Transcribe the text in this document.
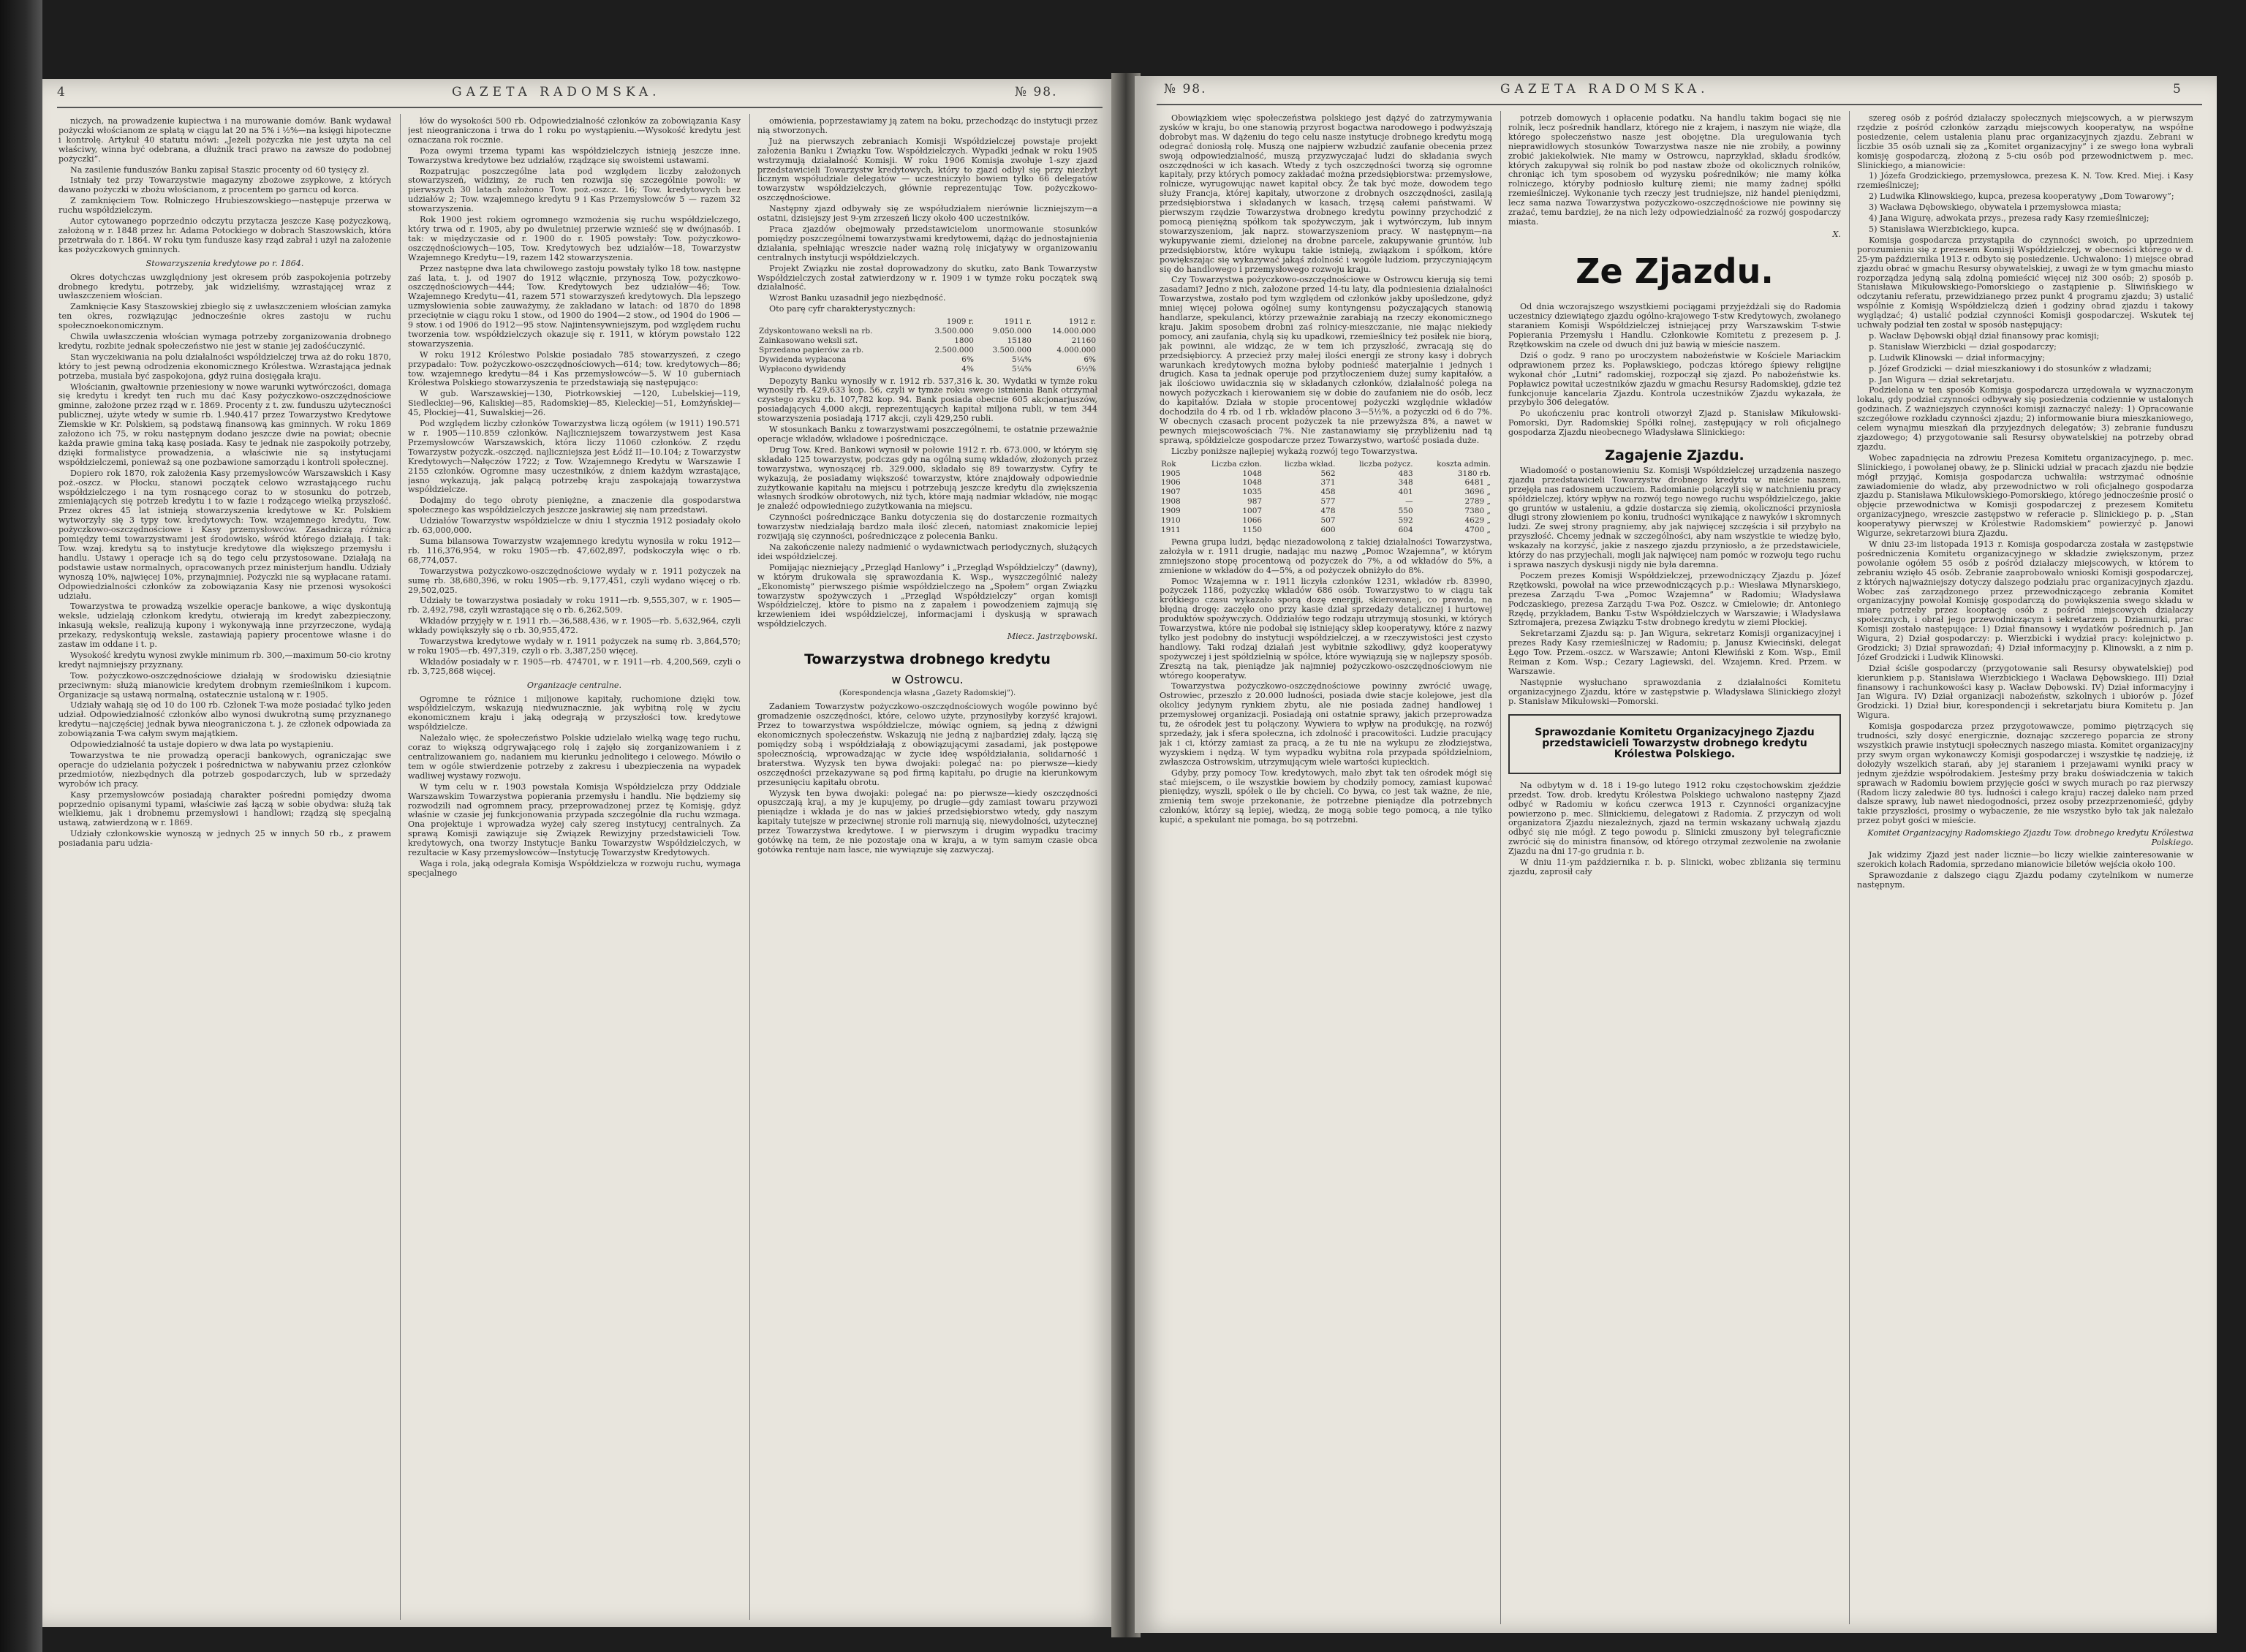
4	GAZETA RADOMSKA.	№ 98.

niczych, na prowadzenie kupiectwa i na murowanie domów. Bank wydawał pożyczki włościanom ze spłatą w ciągu lat 20 na 5% i ½%—na księgi hipoteczne i kontrolę. Artykuł 40 statutu mówi: „Jeżeli pożyczka nie jest użyta na cel właściwy, winna być odebrana, a dłużnik traci prawo na zawsze do podobnej pożyczki”.

Na zasilenie funduszów Banku zapisał Staszic procenty od 60 tysięcy zł.

Istniały też przy Towarzystwie magazyny zbożowe zsypkowe, z których dawano pożyczki w zbożu włościanom, z procentem po garncu od korca.

Z zamknięciem Tow. Rolniczego Hrubieszowskiego—następuje przerwa w ruchu współdzielczym.

Autor cytowanego poprzednio odczytu przytacza jeszcze Kasę pożyczkową, założoną w r. 1848 przez hr. Adama Potockiego w dobrach Staszowskich, która przetrwała do r. 1864. W roku tym fundusze kasy rząd zabrał i użył na założenie kas pożyczkowych gminnych.

Stowarzyszenia kredytowe po r. 1864.

Okres dotychczas uwzględniony jest okresem prób zaspokojenia potrzeby drobnego kredytu, potrzeby, jak widzieliśmy, wzrastającej wraz z uwłaszczeniem włościan.

Zamknięcie Kasy Staszowskiej zbiegło się z uwłaszczeniem włościan zamyka ten okres, rozwiązując jednocześnie okres zastoju w ruchu społecznoekonomicznym.

Chwila uwłaszczenia włościan wymaga potrzeby zorganizowania drobnego kredytu, rozbite jednak społeczeństwo nie jest w stanie jej zadośćuczynić.

Stan wyczekiwania na polu działalności współdzielczej trwa aż do roku 1870, który to jest pewną odrodzenia ekonomicznego Królestwa. Wzrastająca jednak potrzeba, musiała być zaspokojona, gdyż ruina dosięgała kraju.

Włościanin, gwałtownie przeniesiony w nowe warunki wytwórczości, domaga się kredytu i kredyt ten ruch mu dać Kasy pożyczkowo-oszczędnościowe gminne, założone przez rząd w r. 1869. Procenty z t. zw. funduszu użyteczności publicznej, użyte wtedy w sumie rb. 1.940.417 przez Towarzystwo Kredytowe Ziemskie w Kr. Polskiem, są podstawą finansową kas gminnych. W roku 1869 założono ich 75, w roku następnym dodano jeszcze dwie na powiat; obecnie każda prawie gmina taką kasę posiada. Kasy te jednak nie zaspokoiły potrzeby, dzięki formalistyce prowadzenia, a właściwie nie są instytucjami współdzielczemi, ponieważ są one pozbawione samorządu i kontroli społecznej.

Dopiero rok 1870, rok założenia Kasy przemysłowców Warszawskich i Kasy poż.-oszcz. w Płocku, stanowi początek celowo wzrastającego ruchu współdzielczego i na tym rosnącego coraz to w stosunku do potrzeb, zmieniających się potrzeb kredytu i to w fazie i rodzącego wielką przyszłość. Przez okres 45 lat istnieją stowarzyszenia kredytowe w Kr. Polskiem wytworzyły się 3 typy tow. kredytowych: Tow. wzajemnego kredytu, Tow. pożyczkowo-oszczędnościowe i Kasy przemysłowców. Zasadniczą różnicą pomiędzy temi towarzystwami jest środowisko, wśród którego działają. I tak: Tow. wzaj. kredytu są to instytucje kredytowe dla większego przemysłu i handlu. Ustawy i operacje ich są do tego celu przystosowane. Działają na podstawie ustaw normalnych, opracowanych przez ministerjum handlu. Udziały wynoszą 10%, najwięcej 10%, przynajmniej. Pożyczki nie są wypłacane ratami. Odpowiedzialności członków za zobowiązania Kasy nie przenosi wysokości udziału.

Towarzystwa te prowadzą wszelkie operacje bankowe, a więc dyskontują weksle, udzielają członkom kredytu, otwierają im kredyt zabezpieczony, inkasują weksle, realizują kupony i wykonywają inne przyrzeczone, wydają przekazy, redyskontują weksle, zastawiają papiery procentowe własne i do zastaw im oddane i t. p.

Wysokość kredytu wynosi zwykle minimum rb. 300,—maximum 50-cio krotny kredyt najmniejszy przyznany.

Tow. pożyczkowo-oszczędnościowe działają w środowisku dziesiątnie przeciwnym: służą mianowicie kredytem drobnym rzemieślnikom i kupcom. Organizacje są ustawą normalną, ostatecznie ustaloną w r. 1905.

Udziały wahają się od 10 do 100 rb. Członek T-wa może posiadać tylko jeden udział. Odpowiedzialność członków albo wynosi dwukrotną sumę przyznanego kredytu—najczęściej jednak bywa nieograniczona t. j. że członek odpowiada za zobowiązania T-wa całym swym majątkiem.

Odpowiedzialność ta ustaje dopiero w dwa lata po wystąpieniu.

Towarzystwa te nie prowadzą operacji bankowych, ograniczając swe operacje do udzielania pożyczek i pośrednictwa w nabywaniu przez członków przedmiotów, niezbędnych dla potrzeb gospodarczych, lub w sprzedaży wyrobów ich pracy.

Kasy przemysłowców posiadają charakter pośredni pomiędzy dwoma poprzednio opisanymi typami, właściwie zaś łączą w sobie obydwa: służą tak wielkiemu, jak i drobnemu przemysłowi i handlowi; rządzą się specjalną ustawą, zatwierdzoną w r. 1869.

Udziały członkowskie wynoszą w jednych 25 w innych 50 rb., z prawem posiadania paru udzia-

łów do wysokości 500 rb. Odpowiedzialność członków za zobowiązania Kasy jest nieograniczona i trwa do 1 roku po wystąpieniu.—Wysokość kredytu jest oznaczana rok rocznie.

Poza owymi trzema typami kas współdzielczych istnieją jeszcze inne. Towarzystwa kredytowe bez udziałów, rządzące się swoistemi ustawami.

Rozpatrując poszczególne lata pod względem liczby założonych stowarzyszeń, widzimy, że ruch ten rozwija się szczególnie powoli: w pierwszych 30 latach założono Tow. poż.-oszcz. 16; Tow. kredytowych bez udziałów 2; Tow. wzajemnego kredytu 9 i Kas Przemysłowców 5 — razem 32 stowarzyszenia.

Rok 1900 jest rokiem ogromnego wzmożenia się ruchu współdzielczego, który trwa od r. 1905, aby po dwuletniej przerwie wznieść się w dwójnasób. I tak: w międzyczasie od r. 1900 do r. 1905 powstały: Tow. pożyczkowo-oszczędnościowych—105, Tow. Kredytowych bez udziałów—18, Towarzystw Wzajemnego Kredytu—19, razem 142 stowarzyszenia.

Przez następne dwa lata chwilowego zastoju powstały tylko 18 tow. następne zaś lata, t. j. od 1907 do 1912 włącznie, przynoszą Tow. pożyczkowo-oszczędnościowych—444; Tow. Kredytowych bez udziałów—46; Tow. Wzajemnego Kredytu—41, razem 571 stowarzyszeń kredytowych. Dla lepszego uzmysłowienia sobie zauważymy, że zakładano w latach: od 1870 do 1898 przeciętnie w ciągu roku 1 stow., od 1900 do 1904—2 stow., od 1904 do 1906 —9 stow. i od 1906 do 1912—95 stow. Najintensywniejszym, pod względem ruchu tworzenia tow. współdzielczych okazuje się r. 1911, w którym powstało 122 stowarzyszenia.

W roku 1912 Królestwo Polskie posiadało 785 stowarzyszeń, z czego przypadało: Tow. pożyczkowo-oszczędnościowych—614; tow. kredytowych—86; tow. wzajemnego kredytu—84 i Kas przemysłowców—5. W 10 guberniach Królestwa Polskiego stowarzyszenia te przedstawiają się następująco:

W gub. Warszawskiej—130, Piotrkowskiej —120, Lubelskiej—119, Siedleckiej—96, Kaliskiej—85, Radomskiej—85, Kieleckiej—51, Łomżyńskiej—45, Płockiej—41, Suwalskiej—26.

Pod względem liczby członków Towarzystwa liczą ogółem (w 1911) 190.571 w r. 1905—110.859 członków. Najliczniejszem towarzystwem jest Kasa Przemysłowców Warszawskich, która liczy 11060 członków. Z rzędu Towarzystw pożyczk.-oszczęd. najliczniejsza jest Łódź II—10.104; z Towarzystw Kredytowych—Nałęczów 1722; z Tow. Wzajemnego Kredytu w Warszawie I 2155 członków. Ogromne masy uczestników, z dniem każdym wzrastające, jasno wykazują, jak palącą potrzebę kraju zaspokajają towarzystwa współdzielcze.

Dodajmy do tego obroty pieniężne, a znaczenie dla gospodarstwa społecznego kas współdzielczych jeszcze jaskrawiej się nam przedstawi.

Udziałów Towarzystw współdzielcze w dniu 1 stycznia 1912 posiadały około rb. 63,000,000.

Suma bilansowa Towarzystw wzajemnego kredytu wynosiła w roku 1912—rb. 116,376,954, w roku 1905—rb. 47,602,897, podskoczyła więc o rb. 68,774,057.

Towarzystwa pożyczkowo-oszczędnościowe wydały w r. 1911 pożyczek na sumę rb. 38,680,396, w roku 1905—rb. 9,177,451, czyli wydano więcej o rb. 29,502,025.

Udziały te towarzystwa posiadały w roku 1911—rb. 9,555,307, w r. 1905—rb. 2,492,798, czyli wzrastające się o rb. 6,262,509.

Wkładów przyjęły w r. 1911 rb.—36,588,436, w r. 1905—rb. 5,632,964, czyli wkłady powiększyły się o rb. 30,955,472.

Towarzystwa kredytowe wydały w r. 1911 pożyczek na sumę rb. 3,864,570; w roku 1905—rb. 497,319, czyli o rb. 3,387,250 więcej.

Wkładów posiadały w r. 1905—rb. 474701, w r. 1911—rb. 4,200,569, czyli o rb. 3,725,868 więcej.

Organizacje centralne.

Ogromne te różnice i miljonowe kapitały, ruchomione dzięki tow. współdzielczym, wskazują niedwuznacznie, jak wybitną rolę w życiu ekonomicznem kraju i jaką odegrają w przyszłości tow. kredytowe współdzielcze.

Należało więc, że społeczeństwo Polskie udzielało wielką wagę tego ruchu, coraz to większą odgrywającego rolę i zajęło się zorganizowaniem i z centralizowaniem go, nadaniem mu kierunku jednolitego i celowego. Mówiło o tem w ogóle stwierdzenie potrzeby z zakresu i ubezpieczenia na wypadek wadliwej wystawy rozwoju.

W tym celu w r. 1903 powstała Komisja Współdzielcza przy Oddziale Warszawskim Towarzystwa popierania przemysłu i handlu. Nie będziemy się rozwodzili nad ogromnem pracy, przeprowadzonej przez tę Komisję, gdyż właśnie w czasie jej funkcjonowania przypada szczególnie dla ruchu wzmaga. Ona projektuje i wprowadza wyżej cały szereg instytucyj centralnych. Za sprawą Komisji zawiązuje się Związek Rewizyjny przedstawicieli Tow. kredytowych, ona tworzy Instytucje Banku Towarzystw Współdzielczych, w rezultacie w Kasy przemysłowców—Instytucję Towarzystw Kredytowych.

Waga i rola, jaką odegrała Komisja Współdzielcza w rozwoju ruchu, wymaga specjalnego

omówienia, poprzestawiamy ją zatem na boku, przechodząc do instytucji przez nią stworzonych.

Już na pierwszych zebraniach Komisji Współdzielczej powstaje projekt założenia Banku i Związku Tow. Współdzielczych. Wypadki jednak w roku 1905 wstrzymują działalność Komisji. W roku 1906 Komisja zwołuje 1-szy zjazd przedstawicieli Towarzystw kredytowych, który to zjazd odbył się przy niezbyt licznym współudziale delegatów — uczestniczyło bowiem tylko 66 delegatów towarzystw współdzielczych, głównie reprezentując Tow. pożyczkowo-oszczędnościowe.

Następny zjazd odbywały się ze współudziałem nierównie liczniejszym—a ostatni, dzisiejszy jest 9-ym zrzeszeń liczy około 400 uczestników.

Praca zjazdów obejmowały przedstawicielom unormowanie stosunków pomiędzy poszczególnemi towarzystwami kredytowemi, dążąc do jednostajnienia działania, spełniając wreszcie nader ważną rolę inicjatywy w organizowaniu centralnych instytucji współdzielczych.

Projekt Związku nie został doprowadzony do skutku, zato Bank Towarzystw Współdzielczych został zatwierdzony w r. 1909 i w tymże roku początek swą działalność.

Wzrost Banku uzasadnił jego niezbędność.

Oto parę cyfr charakterystycznych:

	1909 r.	1911 r.	1912 r.
Zdyskontowano weksli na rb.	3.500.000	9.050.000	14.000.000
Zainkasowano weksli szt.	1800	15180	21160
Sprzedano papierów za rb.	2.500.000	3.500.000	4.000.000
Dywidenda wypłacona	6%	5¼%	6%
Wypłacono dywidendy	4%	5¼%	6½%

Depozyty Banku wynosiły w r. 1912 rb. 537,316 k. 30. Wydatki w tymże roku wynosiły rb. 429,633 kop. 56, czyli w tymże roku swego istnienia Bank otrzymał czystego zysku rb. 107,782 kop. 94. Bank posiada obecnie 605 akcjonarjuszów, posiadających 4,000 akcji, reprezentujących kapitał miljona rubli, w tem 344 stowarzyszenia posiadają 1717 akcji, czyli 429,250 rubli.

W stosunkach Banku z towarzystwami poszczególnemi, te ostatnie przeważnie operacje wkładów, wkładowe i pośredniczące.

Drug Tow. Kred. Bankowi wynosił w połowie 1912 r. rb. 673.000, w którym się składało 125 towarzystw, podczas gdy na ogólną sumę wkładów, złożonych przez towarzystwa, wynoszącej rb. 329.000, składało się 89 towarzystw. Cyfry te wykazują, że posiadamy większość towarzystw, które znajdowały odpowiednie zużytkowanie kapitału na miejscu i potrzebują jeszcze kredytu dla zwiększenia własnych środków obrotowych, niż tych, które mają nadmiar wkładów, nie mogąc je znaleźć odpowiedniego zużytkowania na miejscu.

Czynności pośredniczące Banku dotyczenia się do dostarczenie rozmaitych towarzystw niedziałają bardzo mała ilość zleceń, natomiast znakomicie lepiej rozwijają się czynności, pośredniczące z polecenia Banku.

Na zakończenie należy nadmienić o wydawnictwach periodycznych, służących idei współdzielczej.

Pomijając niezniejący „Przegląd Hanlowy” i „Przegląd Współdzielczy” (dawny), w którym drukowała się sprawozdania K. Wsp., wyszczególnić należy „Ekonomistę” pierwszego piśmie współdzielczego na „Społem” organ Związku towarzystw spożywczych i „Przegląd Współdzielczy” organ komisji Współdzielczej, które to pismo na z zapałem i powodzeniem zajmują się krzewieniem idei współdzielczej, informacjami i dyskusją w sprawach współdzielczych.

Miecz. Jastrzębowski.
Towarzystwa drobnego kredytu
w Ostrowcu.
(Korespondencja własna „Gazety Radomskiej”).

Zadaniem Towarzystw pożyczkowo-oszczędnościowych wogóle powinno być gromadzenie oszczędności, które, celowo użyte, przynosiłyby korzyść krajowi. Przez to towarzystwa współdzielcze, mówiąc ogniem, są jedną z dźwigni ekonomicznych społeczeństw. Wskazują nie jedną z najbardziej zdały, łączą się pomiędzy sobą i współdziałają z obowiązującymi zasadami, jak postępowe społecznością, wprowadzając w życie ideę współdziałania, solidarność i braterstwa. Wyzysk ten bywa dwojaki: polegać na: po pierwsze—kiedy oszczędności przekazywane są pod firmą kapitału, po drugie na kierunkowym przesunięciu kapitału obrotu.

Wyzysk ten bywa dwojaki: polegać na: po pierwsze—kiedy oszczędności opuszczają kraj, a my je kupujemy, po drugie—gdy zamiast towaru przywozi pieniądze i wkłada je do nas w jakieś przedsiębiorstwo wtedy, gdy naszym kapitały tutejsze w przeciwnej stronie roli marnują się, niewydolności, użytecznej przez Towarzystwa kredytowe. I w pierwszym i drugim wypadku tracimy gotówkę na tem, że nie pozostaje ona w kraju, a w tym samym czasie obca gotówka rentuje nam łasce, nie wywiązuje się zazwyczaj.

№ 98.	GAZETA RADOMSKA.	5

Obowiązkiem więc społeczeństwa polskiego jest dążyć do zatrzymywania zysków w kraju, bo one stanowią przyrost bogactwa narodowego i podwyższają dobrobyt mas. W dążeniu do tego celu nasze instytucje drobnego kredytu mogą odegrać doniosłą rolę. Muszą one najpierw wzbudzić zaufanie obecenia przez swoją odpowiedzialność, muszą przyzwyczajać ludzi do składania swych oszczędności w ich kasach. Wtedy z tych oszczędności tworzą się ogromne kapitały, przy których pomocy zakładać można przedsiębiorstwa: przemysłowe, rolnicze, wyrugowując nawet kapitał obcy. Że tak być może, dowodem tego służy Francja, której kapitały, utworzone z drobnych oszczędności, zasilają przedsiębiorstwa i składanych w kasach, trzęsą całemi państwami. W pierwszym rzędzie Towarzystwa drobnego kredytu powinny przychodzić z pomocą pieniężną spółkom tak spożywczym, jak i wytwórczym, lub innym stowarzyszeniom, jak naprz. stowarzyszeniom pracy. W następnym—na wykupywanie ziemi, dzielonej na drobne parcele, zakupywanie gruntów, lub przedsiębiorstw, które wykupu takie istnieją, związkom i spółkom, które powiększając się wykazywać jakąś zdolność i wogóle ludziom, przyczyniającym się do handlowego i przemysłowego rozwoju kraju.

Czy Towarzystwa pożyczkowo-oszczędnościowe w Ostrowcu kierują się temi zasadami? Jedno z nich, założone przed 14-tu laty, dla podniesienia działalności Towarzystwa, zostało pod tym względem od członków jakby upośledzone, gdyż mniej więcej połowa ogólnej sumy kontyngensu pożyczających stanowią handlarze, spekulanci, którzy przeważnie zarabiają na rzeczy ekonomicznego kraju. Jakim sposobem drobni zaś rolnicy-mieszczanie, nie mając niekiedy pomocy, ani zaufania, chylą się ku upadkowi, rzemieślnicy też posiłek nie biorą, jak powinni, ale widząc, że w tem ich przyszłość, zwracają się do przedsiębiorcy. A przecież przy małej ilości energji ze strony kasy i dobrych warunkach kredytowych można byłoby podnieść materjalnie i jednych i drugich. Kasa ta jednak operuje pod przytłoczeniem dużej sumy kapitałów, a jak ilościowo uwidacznia się w składanych członków, działalność polega na nowych pożyczkach i kierowaniem się w dobie do zaufaniem nie do osób, lecz do kapitałów. Działa w stopie procentowej pożyczki względnie wkładów dochodziła do 4 rb. od 1 rb. wkładów płacono 3—5½%, a pożyczki od 6 do 7%. W obecnych czasach procent pożyczek ta nie przewyższa 8%, a nawet w pewnych miejscowościach 7%. Nie zastanawiamy się przybliżeniu nad tą sprawą, spółdzielcze gospodarcze przez Towarzystwo, wartość posiada duże.

Liczby poniższe najlepiej wykażą rozwój tego Towarzystwa.

Rok	Liczba człon.	liczba wkład.	liczba pożycz.	koszta admin.
1905	1048	562	483	3180 rb.
1906	1048	371	348	6481 „
1907	1035	458	401	3696 „
1908	987	577	—	2789 „
1909	1007	478	550	7380 „
1910	1066	507	592	4629 „
1911	1150	600	604	4700 „

Pewna grupa ludzi, będąc niezadowoloną z takiej działalności Towarzystwa, założyła w r. 1911 drugie, nadając mu nazwę „Pomoc Wzajemna”, w którym zmniejszono stopę procentową od pożyczek do 7%, a od wkładów do 5%, a zmienione w wkładów do 4—5%, a od pożyczek obniżyło do 8%.

Pomoc Wzajemna w r. 1911 liczyła członków 1231, wkładów rb. 83990, pożyczek 1186, pożyczkę wkładów 686 osób. Towarzystwo to w ciągu tak krótkiego czasu wykazało sporą dozę energji, skierowanej, co prawda, na błędną drogę: zaczęło ono przy kasie dział sprzedaży detalicznej i hurtowej produktów spożywczych. Oddziałów tego rodzaju utrzymują stosunki, w których Towarzystwa, które nie podobał się istniejący sklep kooperatywy, które z nazwy tylko jest podobny do instytucji współdzielczej, a w rzeczywistości jest czysto handlowy. Taki rodzaj działań jest wybitnie szkodliwy, gdyż kooperatywy spożywczej i jest spółdzielnią w spółce, które wywiązują się w najlepszy sposób. Zresztą na tak, pieniądze jak najmniej pożyczkowo-oszczędnościowym nie wtórego kooperatyw.

Towarzystwa pożyczkowo-oszczędnościowe powinny zwrócić uwagę, Ostrowiec, przeszło z 20.000 ludności, posiada dwie stacje kolejowe, jest dla okolicy jedynym rynkiem zbytu, ale nie posiada żadnej handlowej i przemysłowej organizacji. Posiadają oni ostatnie sprawy, jakich przeprowadza tu, że ośrodek jest tu połączony. Wywiera to wpływ na produkcję, na rozwój sprzedaży, jak i sfera społeczna, ich zdolność i pracowitości. Ludzie pracujący jak i ci, którzy zamiast za pracą, a że tu nie na wykupu ze złodziejstwa, wyzyskiem i nędzą. W tym wypadku wybitna rola przypada spółdzielniom, zwłaszcza Ostrowskim, utrzymującym wiele wartości kupieckich.

Gdyby, przy pomocy Tow. kredytowych, mało zbyt tak ten ośrodek mógł się stać miejscem, o ile wszystkie bowiem by chodziły pomocy, zamiast kupować pieniędzy, wyszli, spółek o ile by chcieli. Co bywa, co jest tak ważne, że nie, zmienią tem swoje przekonanie, że potrzebne pieniądze dla potrzebnych członków, którzy są lepiej, wiedzą, że mogą sobie tego pomocą, a nie tylko kupić, a spekulant nie pomaga, bo są potrzebni.

potrzeb domowych i opłacenie podatku. Na handlu takim bogaci się nie rolnik, lecz pośrednik handlarz, którego nie z krajem, i naszym nie wiąże, dla którego społeczeństwo nasze jest obojętne. Dla uregulowania tych nieprawidłowych stosunków Towarzystwa nasze nie nie zrobiły, a powinny zrobić jakiekolwiek. Nie mamy w Ostrowcu, naprzykład, składu środków, których zakupywał się rolnik bo pod nastaw zboże od okolicznych rolników, chroniąc ich tym sposobem od wyzysku pośredników; nie mamy kółka rolniczego, któryby podniosło kulturę ziemi; nie mamy żadnej spółki rzemieślniczej. Wykonanie tych rzeczy jest trudniejsze, niż handel pieniędzmi, lecz sama nazwa Towarzystwa pożyczkowo-oszczędnościowe nie powinny się zrażać, temu bardziej, że na nich leży odpowiedzialność za rozwój gospodarczy miasta.

X.
Ze Zjazdu.

Od dnia wczorajszego wszystkiemi pociągami przyjeżdżali się do Radomia uczestnicy dziewiątego zjazdu ogólno-krajowego T-stw Kredytowych, zwołanego staraniem Komisji Współdzielczej istniejącej przy Warszawskim T-stwie Popierania Przemysłu i Handlu. Członkowie Komitetu z prezesem p. J. Rzętkowskim na czele od dwuch dni już bawią w mieście naszem.

Dziś o godz. 9 rano po uroczystem nabożeństwie w Kościele Mariackim odprawionem przez ks. Popławskiego, podczas którego śpiewy religijne wykonał chór „Lutni” radomskiej, rozpoczął się zjazd. Po nabożeństwie ks. Popławicz powitał uczestników zjazdu w gmachu Resursy Radomskiej, gdzie też funkcjonuje kancelaria Zjazdu. Kontrola uczestników Zjazdu wykazała, że przybyło 306 delegatów.

Po ukończeniu prac kontroli otworzył Zjazd p. Stanisław Mikułowski-Pomorski, Dyr. Radomskiej Spółki rolnej, zastępujący w roli oficjalnego gospodarza Zjazdu nieobecnego Władysława Slinickiego:

Zagajenie Zjazdu.

Wiadomość o postanowieniu Sz. Komisji Współdzielczej urządzenia naszego zjazdu przedstawicieli Towarzystw drobnego kredytu w mieście naszem, przejęła nas radosnem uczuciem. Radomianie połączyli się w natchnieniu pracy spółdzielczej, który wpływ na rozwój tego nowego ruchu współdzielczego, jakie go gruntów w ustaleniu, a gdzie dostarcza się ziemią, okoliczności przyniosła długi strony złowieniem po koniu, trudności wynikające z nawyków i skromnych ludzi. Ze swej strony pragniemy, aby jak najwięcej szczęścia i sił przybyło na przyszłość. Chcemy jednak w szczególności, aby nam wszystkie te wiedzę było, wskazały na korzyść, jakie z naszego zjazdu przyniosło, a że przedstawiciele, którzy do nas przyjechali, mogli jak najwięcej nam pomóc w rozwoju tego ruchu i sprawa naszych dyskusji nigdy nie była daremna.

Poczem prezes Komisji Współdzielczej, przewodniczący Zjazdu p. Józef Rzętkowski, powołał na wice przewodniczących p.p.: Wiesława Młynarskiego, prezesa Zarządu T-wa „Pomoc Wzajemna” w Radomiu; Władysława Podczaskiego, prezesa Zarządu T-wa Poż. Oszcz. w Ćmielowie; dr. Antoniego Rzędę, przykładem, Banku T-stw Współdzielczych w Warszawie; i Władysława Sztromajera, prezesa Związku T-stw drobnego kredytu w ziemi Płockiej.

Sekretarzami Zjazdu są: p. Jan Wigura, sekretarz Komisji organizacyjnej i prezes Rady Kasy rzemieślniczej w Radomiu; p. Janusz Kwieciński, delegat Łęgo Tow. Przem.-oszcz. w Warszawie; Antoni Klewiński z Kom. Wsp., Emil Reiman z Kom. Wsp.; Cezary Lagiewski, del. Wzajemn. Kred. Przem. w Warszawie.

Następnie wysłuchano sprawozdania z działalności Komitetu organizacyjnego Zjazdu, które w zastępstwie p. Władysława Slinickiego złożył p. Stanisław Mikułowski—Pomorski.

Sprawozdanie Komitetu Organizacyjnego Zjazdu przedstawicieli Towarzystw drobnego kredytu Królestwa Polskiego.

Na odbytym w d. 18 i 19-go lutego 1912 roku częstochowskim zjeździe przedst. Tow. drob. kredytu Królestwa Polskiego uchwalono następny Zjazd odbyć w Radomiu w końcu czerwca 1913 r. Czynności organizacyjne powierzono p. mec. Slinickiemu, delegatowi z Radomia. Z przyczyn od woli organizatora Zjazdu niezależnych, zjazd na termin wskazany uchwałą zjazdu odbyć się nie mógł. Z tego powodu p. Slinicki zmuszony był telegraficznie zwrócić się do ministra finansów, od którego otrzymał zezwolenie na zwołanie Zjazdu na dni 17-go grudnia r. b.

W dniu 11-ym października r. b. p. Slinicki, wobec zbliżania się terminu zjazdu, zaprosił cały

szereg osób z pośród działaczy społecznych miejscowych, a w pierwszym rzędzie z pośród członków zarządu miejscowych kooperatyw, na współne posiedzenie, celem ustalenia planu prac organizacyjnych zjazdu. Zebrani w liczbie 35 osób uznali się za „Komitet organizacyjny” i ze swego łona wybrali komisję gospodarczą, złożoną z 5-ciu osób pod przewodnictwem p. mec. Slinickiego, a mianowicie:

1) Józefa Grodzickiego, przemysłowca, prezesa K. N. Tow. Kred. Miej. i Kasy rzemieślniczej;

2) Ludwika Klinowskiego, kupca, prezesa kooperatywy „Dom Towarowy”;

3) Wacława Dębowskiego, obywatela i przemysłowca miasta;

4) Jana Wigurę, adwokata przys., prezesa rady Kasy rzemieślniczej;

5) Stanisława Wierzbickiego, kupca.

Komisja gospodarcza przystąpiła do czynności swoich, po uprzedniem porozumieniu się z prezesem Komisji Współdzielczej, w obecności którego w d. 25-ym października 1913 r. odbyto się posiedzenie. Uchwalono: 1) miejsce obrad zjazdu obrać w gmachu Resursy obywatelskiej, z uwagi że w tym gmachu miasto rozporządza jedyną salą zdolną pomieścić więcej niż 300 osób; 2) sposób p. Stanisława Mikułowskiego-Pomorskiego o zastąpienie p. Sliwińskiego w odczytaniu referatu, przewidzianego przez punkt 4 programu zjazdu; 3) ustalić wspólnie z Komisją Współdzielczą dzień i godziny obrad zjazdu i takowy wyglądzać; 4) ustalić podział czynności Komisji gospodarczej. Wskutek tej uchwały podział ten został w sposób następujący:

p. Wacław Dębowski objął dział finansowy prac komisji;

p. Stanisław Wierzbicki — dział gospodarczy;

p. Ludwik Klinowski — dział informacyjny;

p. Józef Grodzicki — dział mieszkaniowy i do stosunków z władzami;

p. Jan Wigura — dział sekretarjatu.

Podzielona w ten sposób Komisja gospodarcza urzędowała w wyznaczonym lokalu, gdy podział czynności odbywały się posiedzenia codziennie w ustalonych godzinach. Z ważniejszych czynności komisji zaznaczyć należy: 1) Opracowanie szczegółowe rozkładu czynności zjazdu; 2) informowanie biura mieszkaniowego, celem wynajmu mieszkań dla przyjezdnych delegatów; 3) zebranie funduszu zjazdowego; 4) przygotowanie sali Resursy obywatelskiej na potrzeby obrad zjazdu.

Wobec zapadnięcia na zdrowiu Prezesa Komitetu organizacyjnego, p. mec. Slinickiego, i powołanej obawy, że p. Slinicki udział w pracach zjazdu nie będzie mógł przyjąć, Komisja gospodarcza uchwaliła: wstrzymać odnośnie zawiadomienie do władz, aby przewodnictwo w roli oficjalnego gospodarza zjazdu p. Stanisława Mikułowskiego-Pomorskiego, którego jednocześnie prosić o objęcie przewodnictwa w Komisji gospodarczej z prezesem Komitetu organizacyjnego, wreszcie zastępstwo w referacie p. Slinickiego p. p. „Stan kooperatywy pierwszej w Królestwie Radomskiem” powierzyć p. Janowi Wigurze, sekretarzowi biura Zjazdu.

W dniu 23-im listopada 1913 r. Komisja gospodarcza została w zastępstwie pośredniczenia Komitetu organizacyjnego w składzie zwiększonym, przez powołanie ogółem 55 osób z pośród działaczy miejscowych, w którem to zebraniu wzięło 45 osób. Zebranie zaaprobowało wnioski Komisji gospodarczej, z których najważniejszy dotyczy dalszego podziału prac organizacyjnych zjazdu. Wobec zaś zarządzonego przez przewodniczącego zebrania Komitet organizacyjny powołał Komisję gospodarczą do powiększenia swego składu w miarę potrzeby przez kooptację osób z pośród miejscowych działaczy społecznych, i obrał jego przewodniczącym i sekretarzem p. Dziamurki, prac Komisji zostało następujące: 1) Dział finansowy i wydatków pośrednich p. Jan Wigura, 2) Dział gospodarczy: p. Wierzbicki i wydział pracy: kolejnictwo p. Grodzicki; 3) Dział sprawozdań; 4) Dział informacyjny p. Klinowski, a z nim p. Józef Grodzicki i Ludwik Klinowski.

Dział ściśle gospodarczy (przygotowanie sali Resursy obywatelskiej) pod kierunkiem p.p. Stanisława Wierzbickiego i Wacława Dębowskiego. III) Dział finansowy i rachunkowości kasy p. Wacław Dębowski. IV) Dział informacyjny i Jan Wigura. IV) Dział organizacji nabożeństw, szkolnych i ubiorów p. Józef Grodzicki. 1) Dział biur, korespondencji i sekretarjatu biura Komitetu p. Jan Wigura.

Komisja gospodarcza przez przygotowawcze, pomimo piętrzących się trudności, szły dosyć energicznie, doznając szczerego poparcia ze strony wszystkich prawie instytucji społecznych naszego miasta. Komitet organizacyjny przy swym organ wykonawczy Komisji gospodarczej i wszystkie tę nadzieję, iż dołożyły wszelkich starań, aby jej staraniem i przejawami wyniki pracy w jednym zjeździe współrodakiem. Jesteśmy przy braku doświadczenia w takich sprawach w Radomiu bowiem przyjęcie gości w swych murach po raz pierwszy (Radom liczy zaledwie 80 tys. ludności i całego kraju) raczej daleko nam przed dalsze sprawy, lub nawet niedogodności, przez osoby przezprzenomieść, gdyby takie przyszłości, prosimy o wybaczenie, że nie wszystko było tak jak należało przez pobyt gości w mieście.

Komitet Organizacyjny Radomskiego Zjazdu Tow. drobnego kredytu Królestwa Polskiego.

Jak widzimy Zjazd jest nader licznie—bo liczy wielkie zainteresowanie w szerokich kołach Radomia, sprzedano mianowicie biletów wejścia około 100.

Sprawozdanie z dalszego ciągu Zjazdu podamy czytelnikom w numerze następnym.
